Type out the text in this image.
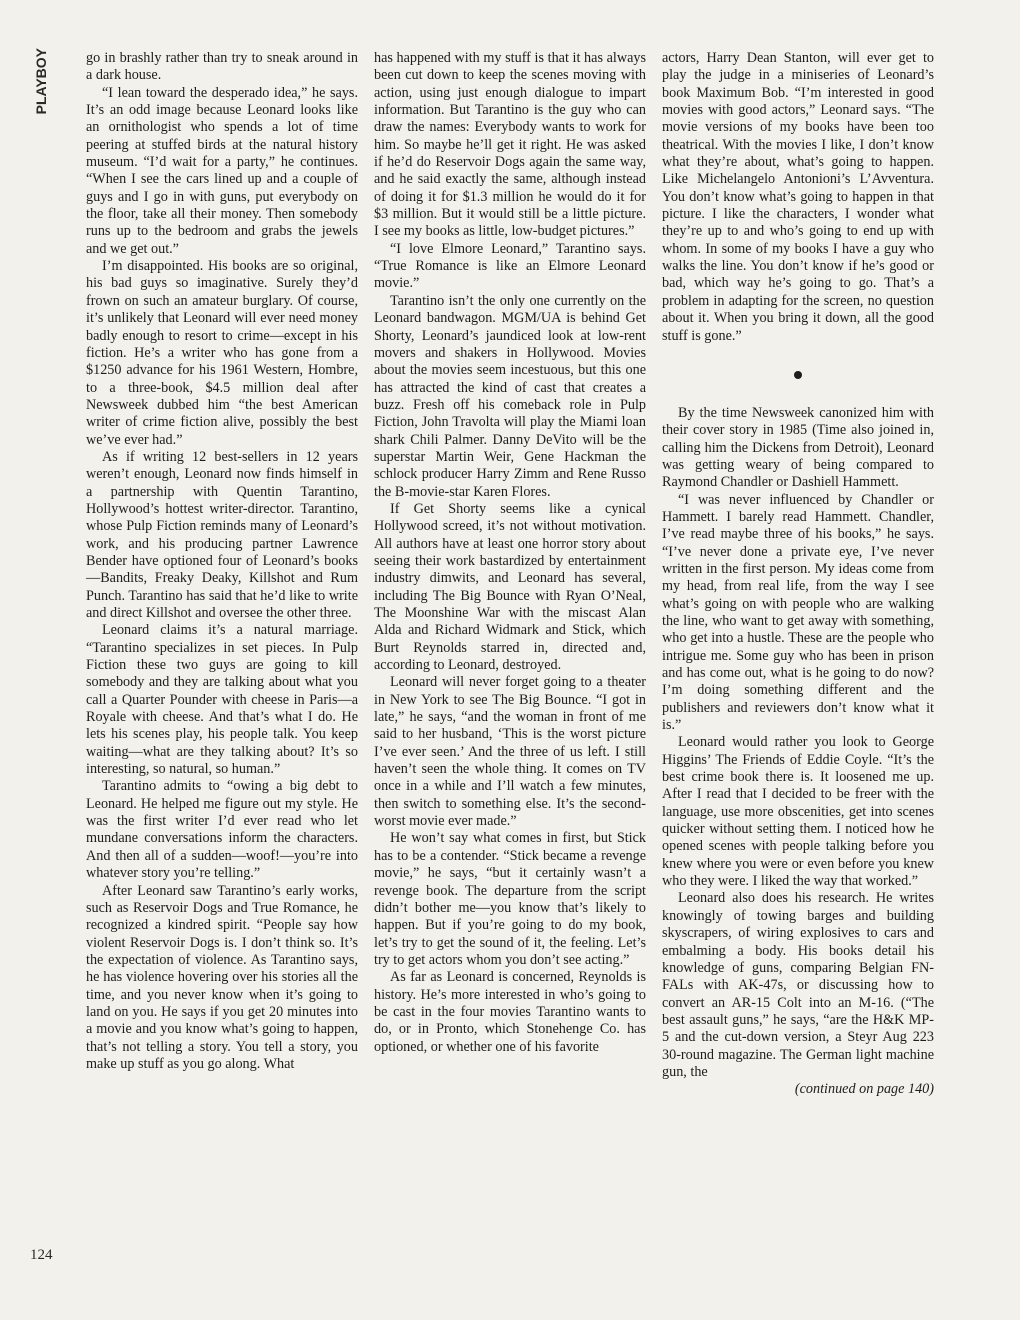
PLAYBOY	go in brashly rather than try to sneak around in a dark house.

“I lean toward the desperado idea,” he says. It’s an odd image because Leonard looks like an ornithologist who spends a lot of time peering at stuffed birds at the natural history museum. “I’d wait for a party,” he continues. “When I see the cars lined up and a couple of guys and I go in with guns, put everybody on the floor, take all their money. Then somebody runs up to the bedroom and grabs the jewels and we get out.”

I’m disappointed. His books are so original, his bad guys so imaginative. Surely they’d frown on such an amateur burglary. Of course, it’s unlikely that Leonard will ever need money badly enough to resort to crime—except in his fiction. He’s a writer who has gone from a $1250 advance for his 1961 Western, Hombre, to a three-book, $4.5 million deal after Newsweek dubbed him “the best American writer of crime fiction alive, possibly the best we’ve ever had.”

As if writing 12 best-sellers in 12 years weren’t enough, Leonard now finds himself in a partnership with Quentin Tarantino, Hollywood’s hottest writer-director. Tarantino, whose Pulp Fiction reminds many of Leonard’s work, and his producing partner Lawrence Bender have optioned four of Leonard’s books—Bandits, Freaky Deaky, Killshot and Rum Punch. Tarantino has said that he’d like to write and direct Killshot and oversee the other three.

Leonard claims it’s a natural marriage. “Tarantino specializes in set pieces. In Pulp Fiction these two guys are going to kill somebody and they are talking about what you call a Quarter Pounder with cheese in Paris—a Royale with cheese. And that’s what I do. He lets his scenes play, his people talk. You keep waiting—what are they talking about? It’s so interesting, so natural, so human.”

Tarantino admits to “owing a big debt to Leonard. He helped me figure out my style. He was the first writer I’d ever read who let mundane conversations inform the characters. And then all of a sudden—woof!—you’re into whatever story you’re telling.”

After Leonard saw Tarantino’s early works, such as Reservoir Dogs and True Romance, he recognized a kindred spirit. “People say how violent Reservoir Dogs is. I don’t think so. It’s the expectation of violence. As Tarantino says, he has violence hovering over his stories all the time, and you never know when it’s going to land on you. He says if you get 20 minutes into a movie and you know what’s going to happen, that’s not telling a story. You tell a story, you make up stuff as you go along. What

has happened with my stuff is that it has always been cut down to keep the scenes moving with action, using just enough dialogue to impart information. But Tarantino is the guy who can draw the names: Everybody wants to work for him. So maybe he’ll get it right. He was asked if he’d do Reservoir Dogs again the same way, and he said exactly the same, although instead of doing it for $1.3 million he would do it for $3 million. But it would still be a little picture. I see my books as little, low-budget pictures.”

“I love Elmore Leonard,” Tarantino says. “True Romance is like an Elmore Leonard movie.”

Tarantino isn’t the only one currently on the Leonard bandwagon. MGM/UA is behind Get Shorty, Leonard’s jaundiced look at low-rent movers and shakers in Hollywood. Movies about the movies seem incestuous, but this one has attracted the kind of cast that creates a buzz. Fresh off his comeback role in Pulp Fiction, John Travolta will play the Miami loan shark Chili Palmer. Danny DeVito will be the superstar Martin Weir, Gene Hackman the schlock producer Harry Zimm and Rene Russo the B-movie-star Karen Flores.

If Get Shorty seems like a cynical Hollywood screed, it’s not without motivation. All authors have at least one horror story about seeing their work bastardized by entertainment industry dimwits, and Leonard has several, including The Big Bounce with Ryan O’Neal, The Moonshine War with the miscast Alan Alda and Richard Widmark and Stick, which Burt Reynolds starred in, directed and, according to Leonard, destroyed.

Leonard will never forget going to a theater in New York to see The Big Bounce. “I got in late,” he says, “and the woman in front of me said to her husband, ‘This is the worst picture I’ve ever seen.’ And the three of us left. I still haven’t seen the whole thing. It comes on TV once in a while and I’ll watch a few minutes, then switch to something else. It’s the second-worst movie ever made.”

He won’t say what comes in first, but Stick has to be a contender. “Stick became a revenge movie,” he says, “but it certainly wasn’t a revenge book. The departure from the script didn’t bother me—you know that’s likely to happen. But if you’re going to do my book, let’s try to get the sound of it, the feeling. Let’s try to get actors whom you don’t see acting.”

As far as Leonard is concerned, Reynolds is history. He’s more interested in who’s going to be cast in the four movies Tarantino wants to do, or in Pronto, which Stonehenge Co. has optioned, or whether one of his favorite

actors, Harry Dean Stanton, will ever get to play the judge in a miniseries of Leonard’s book Maximum Bob. “I’m interested in good movies with good actors,” Leonard says. “The movie versions of my books have been too theatrical. With the movies I like, I don’t know what they’re about, what’s going to happen. Like Michelangelo Antonioni’s L’Avventura. You don’t know what’s going to happen in that picture. I like the characters, I wonder what they’re up to and who’s going to end up with whom. In some of my books I have a guy who walks the line. You don’t know if he’s good or bad, which way he’s going to go. That’s a problem in adapting for the screen, no question about it. When you bring it down, all the good stuff is gone.”

By the time Newsweek canonized him with their cover story in 1985 (Time also joined in, calling him the Dickens from Detroit), Leonard was getting weary of being compared to Raymond Chandler or Dashiell Hammett.

“I was never influenced by Chandler or Hammett. I barely read Hammett. Chandler, I’ve read maybe three of his books,” he says. “I’ve never done a private eye, I’ve never written in the first person. My ideas come from my head, from real life, from the way I see what’s going on with people who are walking the line, who want to get away with something, who get into a hustle. These are the people who intrigue me. Some guy who has been in prison and has come out, what is he going to do now? I’m doing something different and the publishers and reviewers don’t know what it is.”

Leonard would rather you look to George Higgins’ The Friends of Eddie Coyle. “It’s the best crime book there is. It loosened me up. After I read that I decided to be freer with the language, use more obscenities, get into scenes quicker without setting them. I noticed how he opened scenes with people talking before you knew where you were or even before you knew who they were. I liked the way that worked.”

Leonard also does his research. He writes knowingly of towing barges and building skyscrapers, of wiring explosives to cars and embalming a body. His books detail his knowledge of guns, comparing Belgian FN-FALs with AK-47s, or discussing how to convert an AR-15 Colt into an M-16. (“The best assault guns,” he says, “are the H&K MP-5 and the cut-down version, a Steyr Aug 223 30-round magazine. The German light machine gun, the

(continued on page 140)

124
